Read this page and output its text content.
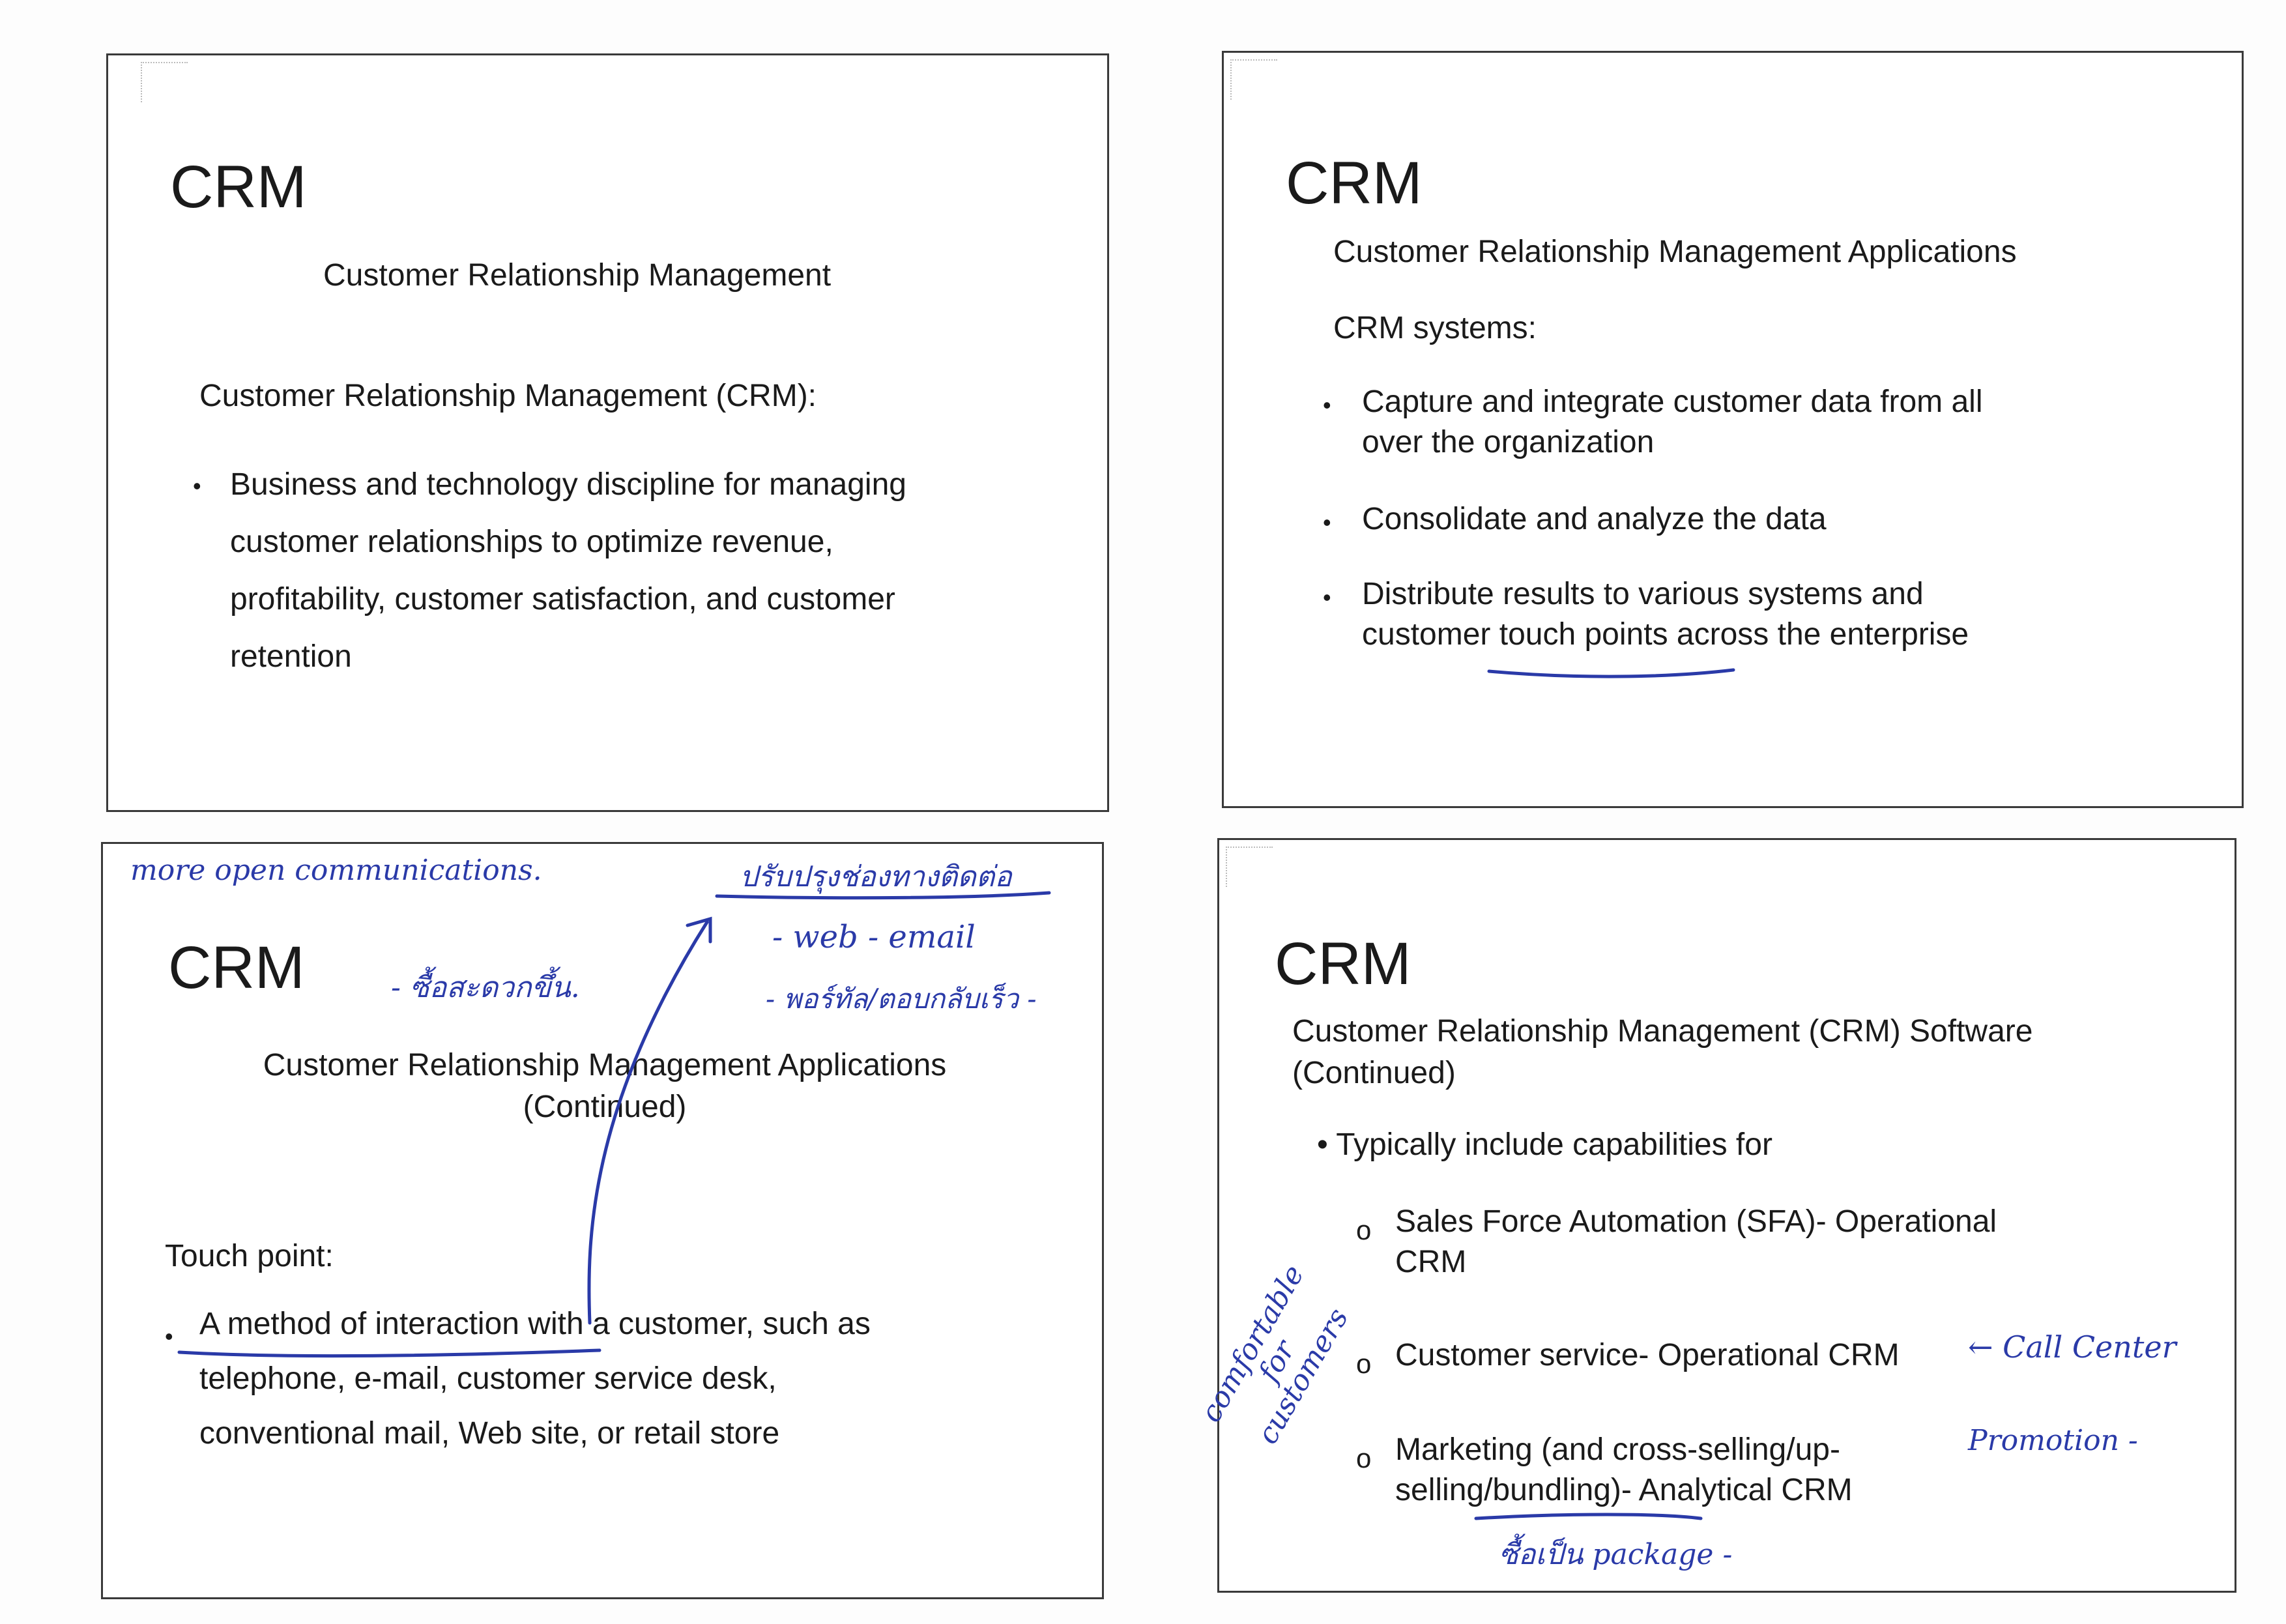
CRM
Customer Relationship Management
Customer Relationship Management (CRM):
• Business and technology discipline for managing
customer relationships to optimize revenue,
profitability, customer satisfaction, and customer
retention
CRM
Customer Relationship Management Applications
CRM systems:
• Capture and integrate customer data from all
over the organization
• Consolidate and analyze the data
• Distribute results to various systems and
customer touch points across the enterprise
CRM
Customer Relationship Management Applications
(Continued)
Touch point:
• A method of interaction with a customer, such as
telephone, e-mail, customer service desk,
conventional mail, Web site, or retail store
CRM
Customer Relationship Management (CRM) Software
(Continued)
• Typically include capabilities for
o Sales Force Automation (SFA)- Operational
CRM
o Customer service- Operational CRM
o Marketing (and cross-selling/up-
selling/bundling)- Analytical CRM
more open communications.	ปรับปรุงช่องทางติดต่อ
- web - email
- ซื้อสะดวกขึ้น.	- พอร์ทัล/ตอบกลับเร็ว -
comfortable for customers	← Call Center
Promotion -
ซื้อเป็น package -
